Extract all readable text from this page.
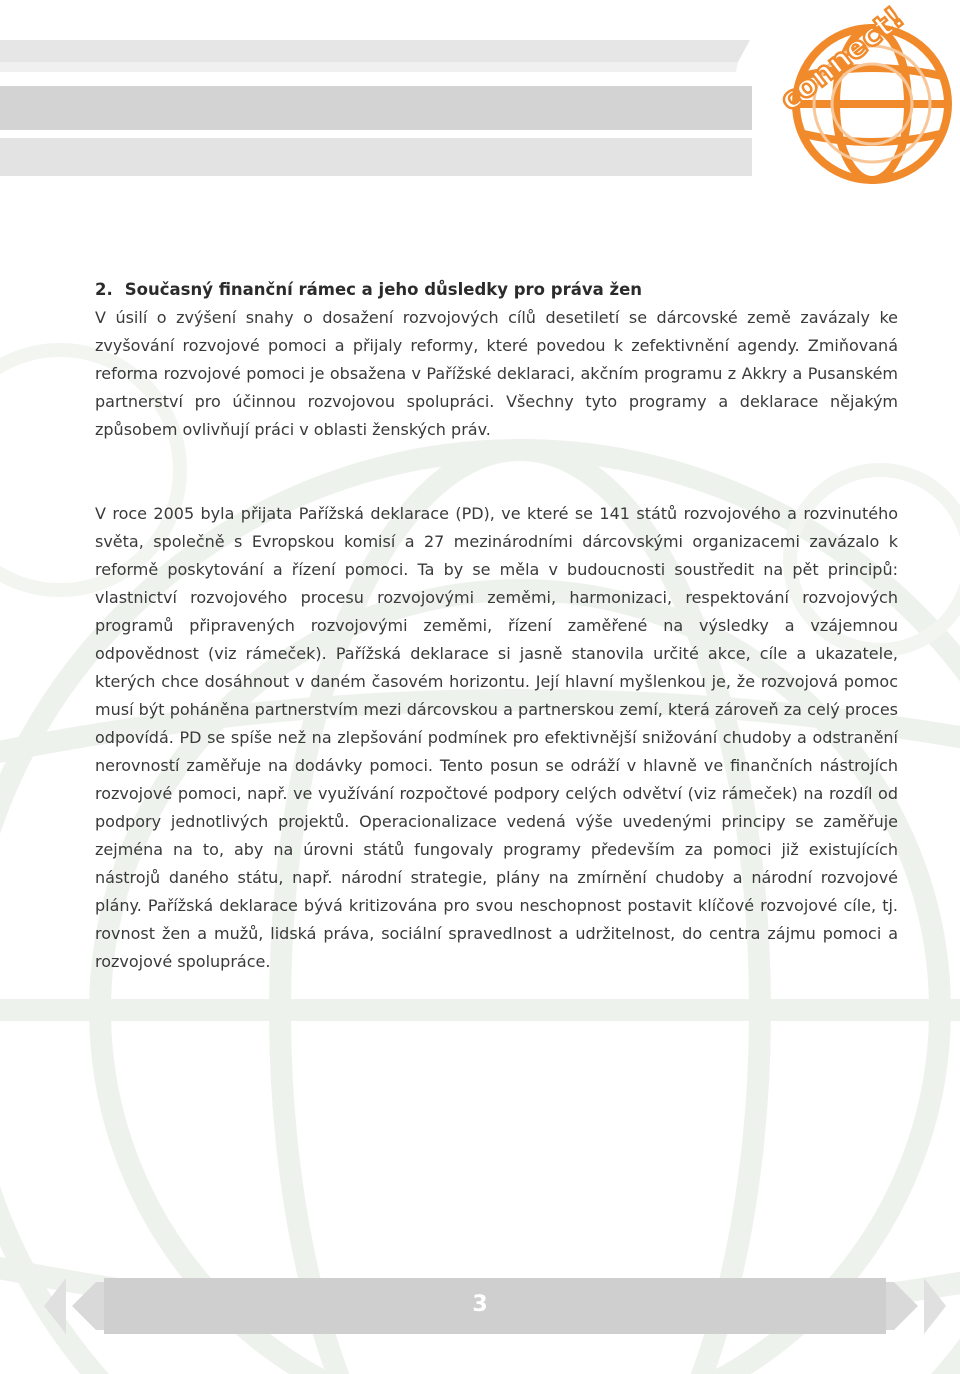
connect!
2. Současný finanční rámec a jeho důsledky pro práva žen

V úsilí o zvýšení snahy o dosažení rozvojových cílů desetiletí se dárcovské země zavázaly ke zvyšování rozvojové pomoci a přijaly reformy, které povedou k zefektivnění agendy. Zmiňovaná reforma rozvojové pomoci je obsažena v Pařížské deklaraci, akčním programu z Akkry a Pusanském partnerství pro účinnou rozvojovou spolupráci. Všechny tyto programy a deklarace nějakým způsobem ovlivňují práci v oblasti ženských práv.

V roce 2005 byla přijata Pařížská deklarace (PD), ve které se 141 států rozvojového a rozvinutého světa, společně s Evropskou komisí a 27 mezinárodními dárcovskými organizacemi zavázalo k reformě poskytování a řízení pomoci. Ta by se měla v budoucnosti soustředit na pět principů: vlastnictví rozvojového procesu rozvojovými zeměmi, harmonizaci, respektování rozvojových programů připravených rozvojovými zeměmi, řízení zaměřené na výsledky a vzájemnou odpovědnost (viz rámeček). Pařížská deklarace si jasně stanovila určité akce, cíle a ukazatele, kterých chce dosáhnout v daném časovém horizontu. Její hlavní myšlenkou je, že rozvojová pomoc musí být poháněna partnerstvím mezi dárcovskou a partnerskou zemí, která zároveň za celý proces odpovídá. PD se spíše než na zlepšování podmínek pro efektivnější snižování chudoby a odstranění nerovností zaměřuje na dodávky pomoci. Tento posun se odráží v hlavně ve finančních nástrojích rozvojové pomoci, např. ve využívání rozpočtové podpory celých odvětví (viz rámeček) na rozdíl od podpory jednotlivých projektů. Operacionalizace vedená výše uvedenými principy se zaměřuje zejména na to, aby na úrovni států fungovaly programy především za pomoci již existujících nástrojů daného státu, např. národní strategie, plány na zmírnění chudoby a národní rozvojové plány. Pařížská deklarace bývá kritizována pro svou neschopnost postavit klíčové rozvojové cíle, tj. rovnost žen a mužů, lidská práva, sociální spravedlnost a udržitelnost, do centra zájmu pomoci a rozvojové spolupráce.

3
